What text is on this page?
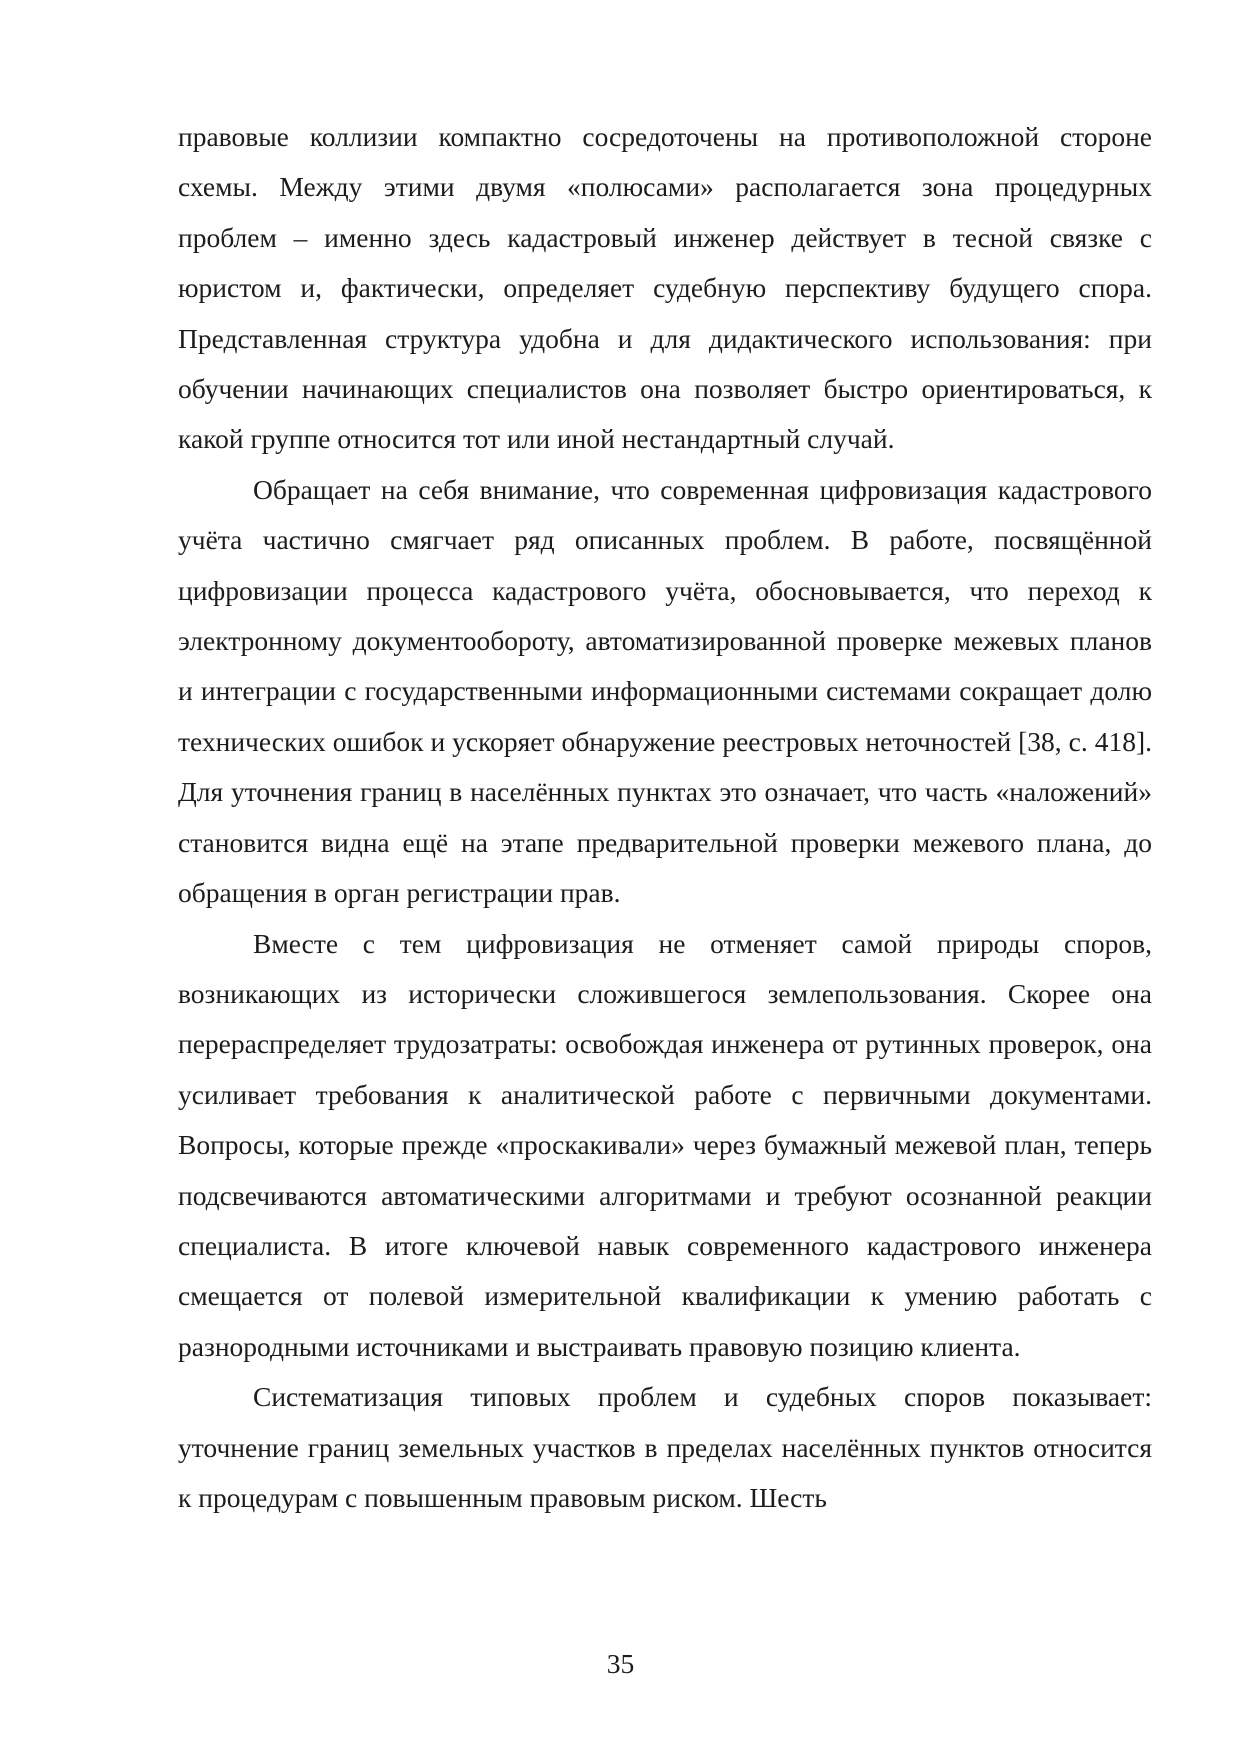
правовые коллизии компактно сосредоточены на противоположной стороне схемы. Между этими двумя «полюсами» располагается зона процедурных проблем – именно здесь кадастровый инженер действует в тесной связке с юристом и, фактически, определяет судебную перспективу будущего спора. Представленная структура удобна и для дидактического использования: при обучении начинающих специалистов она позволяет быстро ориентироваться, к какой группе относится тот или иной нестандартный случай.

Обращает на себя внимание, что современная цифровизация кадастрового учёта частично смягчает ряд описанных проблем. В работе, посвящённой цифровизации процесса кадастрового учёта, обосновывается, что переход к электронному документообороту, автоматизированной проверке межевых планов и интеграции с государственными информационными системами сокращает долю технических ошибок и ускоряет обнаружение реестровых неточностей [38, с. 418]. Для уточнения границ в населённых пунктах это означает, что часть «наложений» становится видна ещё на этапе предварительной проверки межевого плана, до обращения в орган регистрации прав.

Вместе с тем цифровизация не отменяет самой природы споров, возникающих из исторически сложившегося землепользования. Скорее она перераспределяет трудозатраты: освобождая инженера от рутинных проверок, она усиливает требования к аналитической работе с первичными документами. Вопросы, которые прежде «проскакивали» через бумажный межевой план, теперь подсвечиваются автоматическими алгоритмами и требуют осознанной реакции специалиста. В итоге ключевой навык современного кадастрового инженера смещается от полевой измерительной квалификации к умению работать с разнородными источниками и выстраивать правовую позицию клиента.

Систематизация типовых проблем и судебных споров показывает: уточнение границ земельных участков в пределах населённых пунктов относится к процедурам с повышенным правовым риском. Шесть

35
